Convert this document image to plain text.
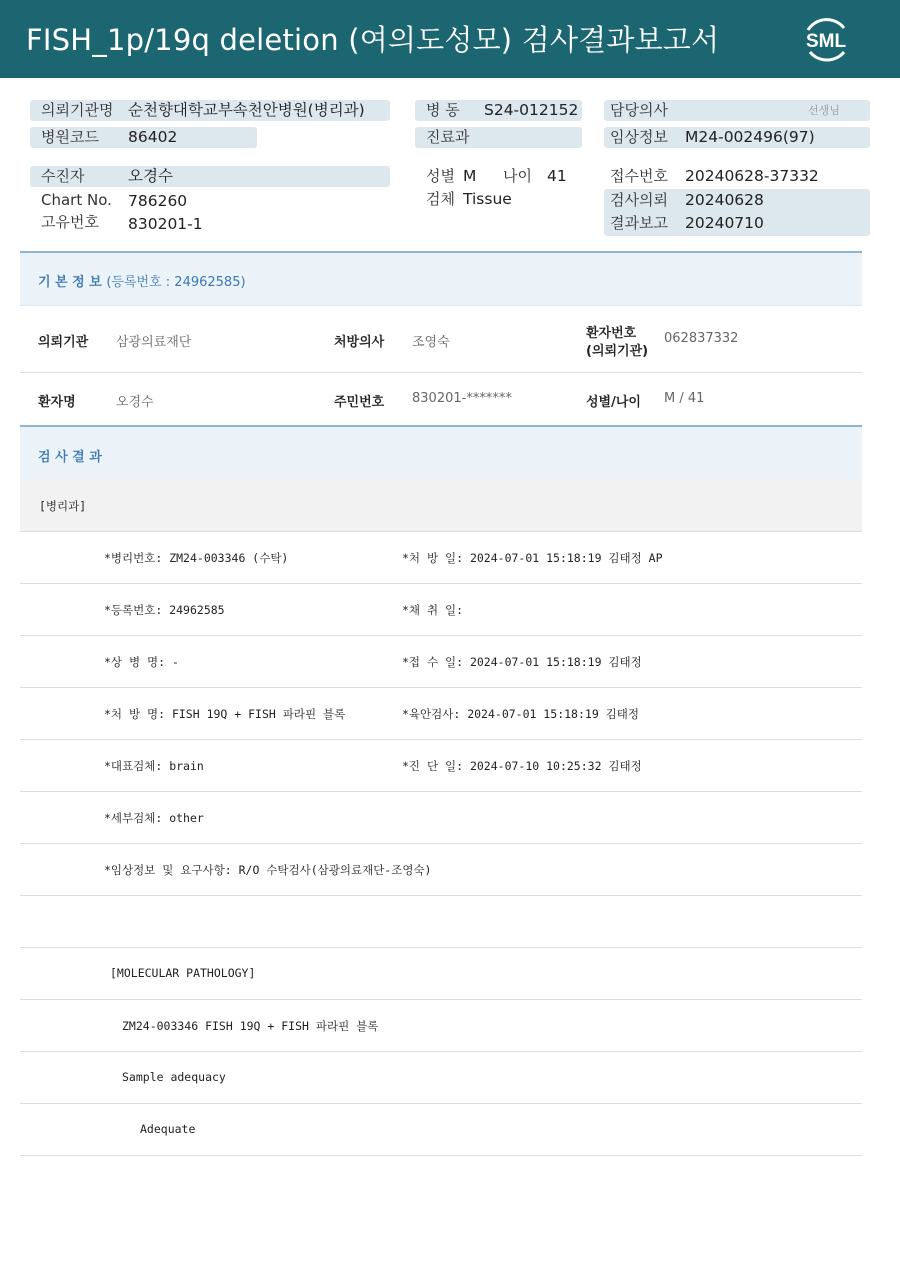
FISH_1p/19q deletion (여의도성모) 검사결과보고서	SML
의뢰기관명 순천향대학교부속천안병원(병리과)
병원코드 86402
병 동 S24-012152
진료과
담당의사	선생님
임상정보 M24-002496(97)
수진자	오경수
Chart No. 786260
고유번호 830201-1
성별 M 나이 41
검체 Tissue
접수번호 20240628-37332
검사의뢰 20240628
결과보고 20240710
기 본 정 보 (등록번호 : 24962585)
의뢰기관 삼광의료재단	처방의사 조영숙
환자번호
(의뢰기관)
062837332
환자명	오경수	주민번호 830201-*******	성별/나이 M / 41
검 사 결 과
[병리과]
*병리번호: ZM24-003346 (수탁)	*처 방 일: 2024-07-01 15:18:19 김태정 AP
*등록번호: 24962585	*채 취 일:
*상 병 명: -	*접 수 일: 2024-07-01 15:18:19 김태정
*처 방 명: FISH 19Q + FISH 파라핀 블록	*육안검사: 2024-07-01 15:18:19 김태정
*대표검체: brain	*진 단 일: 2024-07-10 10:25:32 김태정
*세부검체: other
*임상정보 및 요구사항: R/O 수탁검사(삼광의료재단-조영숙)
[MOLECULAR PATHOLOGY]
ZM24-003346 FISH 19Q + FISH 파라핀 블록
Sample adequacy
Adequate
